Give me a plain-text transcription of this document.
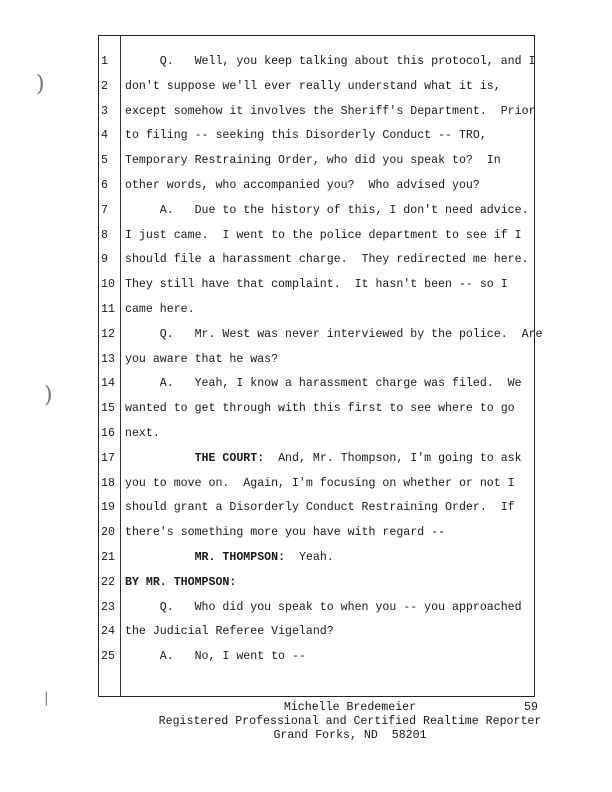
)
)
|
1	Q.   Well, you keep talking about this protocol, and I
2	don't suppose we'll ever really understand what it is,
3	except somehow it involves the Sheriff's Department.  Prior
4	to filing -- seeking this Disorderly Conduct -- TRO,
5	Temporary Restraining Order, who did you speak to?  In
6	other words, who accompanied you?  Who advised you?
7	A.   Due to the history of this, I don't need advice.
8	I just came.  I went to the police department to see if I
9	should file a harassment charge.  They redirected me here.
10 They still have that complaint.  It hasn't been -- so I
11 came here.
12 Q.   Mr. West was never interviewed by the police.  Are
13 you aware that he was?
14 A.   Yeah, I know a harassment charge was filed.  We
15 wanted to get through with this first to see where to go
16 next.
17	THE COURT:  And, Mr. Thompson, I'm going to ask
18 you to move on.  Again, I'm focusing on whether or not I
19 should grant a Disorderly Conduct Restraining Order.  If
20 there's something more you have with regard --
21	MR. THOMPSON:  Yeah.
22 BY MR. THOMPSON:
23 Q.   Who did you speak to when you -- you approached
24 the Judicial Referee Vigeland?
25 A.   No, I went to --
Michelle Bredemeier	59
Registered Professional and Certified Realtime Reporter
Grand Forks, ND  58201
